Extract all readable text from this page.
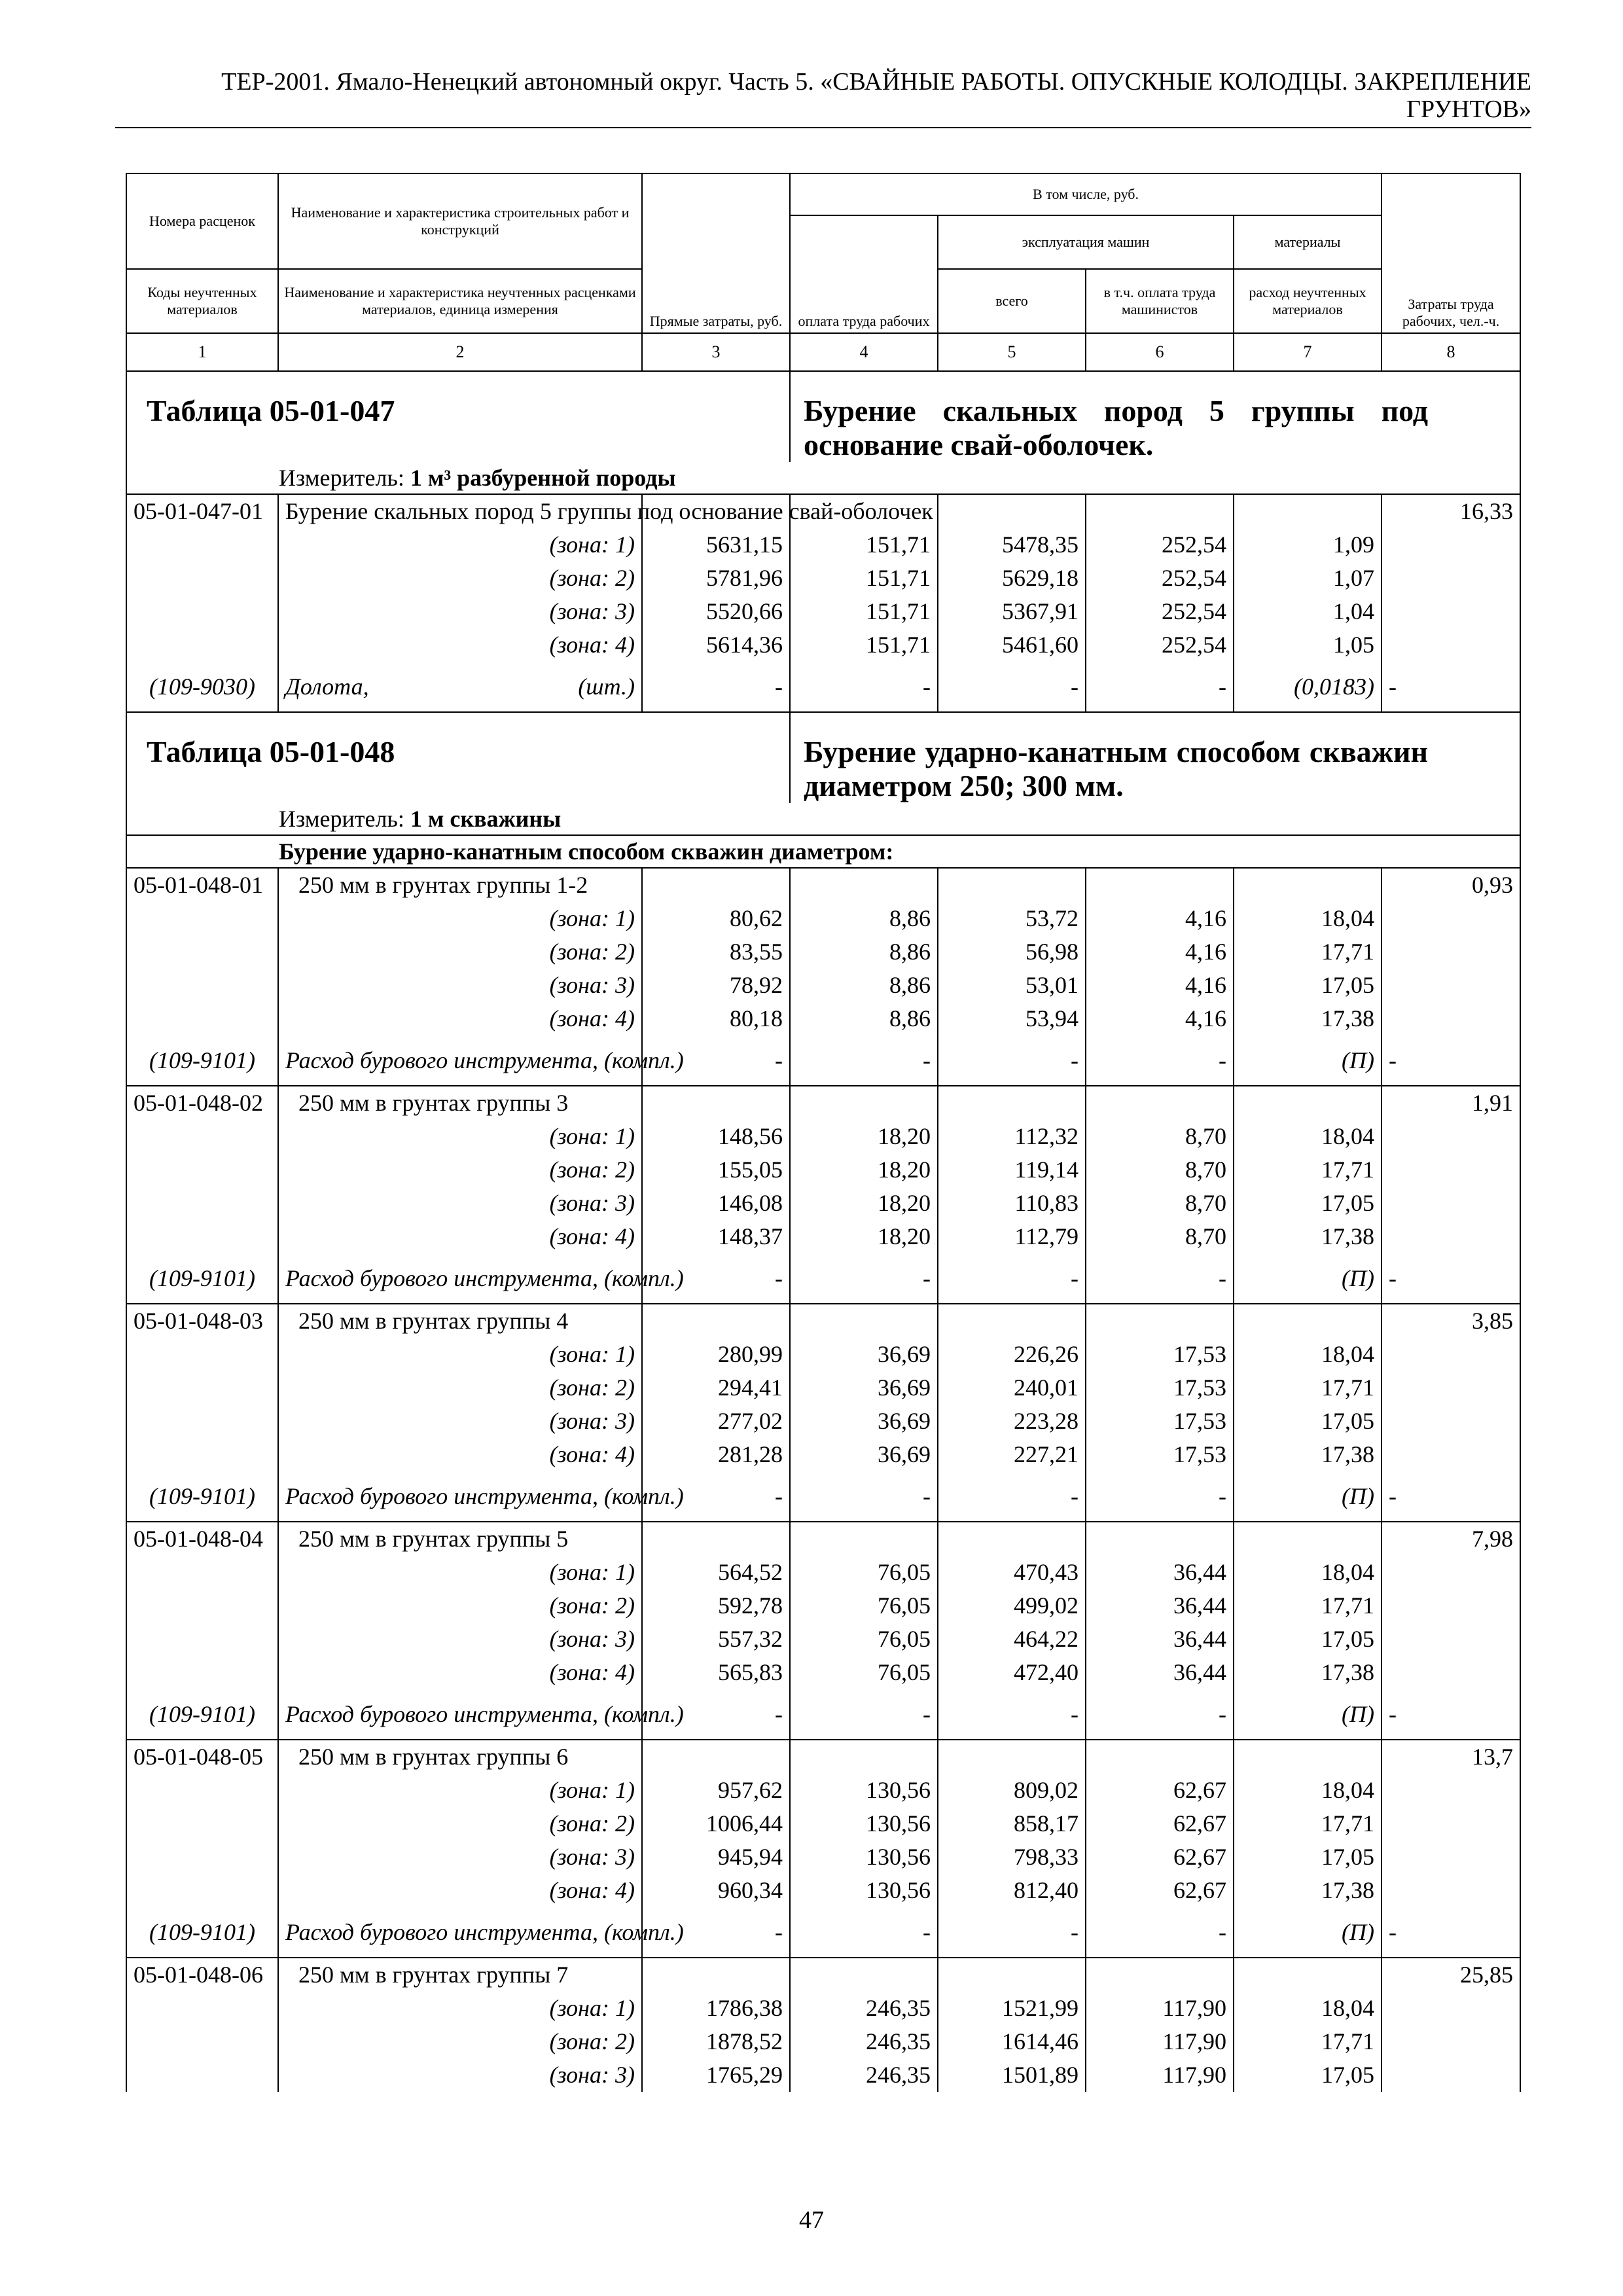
ТЕР-2001. Ямало-Ненецкий автономный округ. Часть 5. «СВАЙНЫЕ РАБОТЫ. ОПУСКНЫЕ КОЛОДЦЫ. ЗАКРЕПЛЕНИЕ
ГРУНТОВ»
Номера расценок	Наименование и характеристика строительных работ и конструкций	Прямые затраты, руб.	В том числе, руб.				Затраты труда рабочих, чел.-ч.
			оплата труда рабочих	эксплуатация машин		материалы	
Коды неучтенных материалов	Наименование и характеристика неучтенных расценками материалов, единица измерения			всего	в т.ч. оплата труда машинистов	расход неучтенных материалов	
1	2	3	4	5	6	7	8
Таблица 05-01-047			Бурение скальных пород 5 группы под основание свай-оболочек.				
Измеритель: 1 м³ разбуренной породы							
05-01-047-01	Бурение скальных пород 5 группы под основание свай-оболочек						16,33
	(зона: 1)	5631,15	151,71	5478,35	252,54	1,09	
	(зона: 2)	5781,96	151,71	5629,18	252,54	1,07	
	(зона: 3)	5520,66	151,71	5367,91	252,54	1,04	
	(зона: 4)	5614,36	151,71	5461,60	252,54	1,05	
(109-9030)	Долота, (шт.)	-	-	-	-	(0,0183)	-
Таблица 05-01-048			Бурение ударно-канатным способом скважин диаметром 250; 300 мм.				
Измеритель: 1 м скважины							
Бурение ударно-канатным способом скважин диаметром:							
05-01-048-01	250 мм в грунтах группы 1-2						0,93
	(зона: 1)	80,62	8,86	53,72	4,16	18,04	
	(зона: 2)	83,55	8,86	56,98	4,16	17,71	
	(зона: 3)	78,92	8,86	53,01	4,16	17,05	
	(зона: 4)	80,18	8,86	53,94	4,16	17,38	
(109-9101)	Расход бурового инструмента, (компл.)	-	-	-	-	(П)	-
05-01-048-02	250 мм в грунтах группы 3						1,91
	(зона: 1)	148,56	18,20	112,32	8,70	18,04	
	(зона: 2)	155,05	18,20	119,14	8,70	17,71	
	(зона: 3)	146,08	18,20	110,83	8,70	17,05	
	(зона: 4)	148,37	18,20	112,79	8,70	17,38	
(109-9101)	Расход бурового инструмента, (компл.)	-	-	-	-	(П)	-
05-01-048-03	250 мм в грунтах группы 4						3,85
	(зона: 1)	280,99	36,69	226,26	17,53	18,04	
	(зона: 2)	294,41	36,69	240,01	17,53	17,71	
	(зона: 3)	277,02	36,69	223,28	17,53	17,05	
	(зона: 4)	281,28	36,69	227,21	17,53	17,38	
(109-9101)	Расход бурового инструмента, (компл.)	-	-	-	-	(П)	-
05-01-048-04	250 мм в грунтах группы 5						7,98
	(зона: 1)	564,52	76,05	470,43	36,44	18,04	
	(зона: 2)	592,78	76,05	499,02	36,44	17,71	
	(зона: 3)	557,32	76,05	464,22	36,44	17,05	
	(зона: 4)	565,83	76,05	472,40	36,44	17,38	
(109-9101)	Расход бурового инструмента, (компл.)	-	-	-	-	(П)	-
05-01-048-05	250 мм в грунтах группы 6						13,7
	(зона: 1)	957,62	130,56	809,02	62,67	18,04	
	(зона: 2)	1006,44	130,56	858,17	62,67	17,71	
	(зона: 3)	945,94	130,56	798,33	62,67	17,05	
	(зона: 4)	960,34	130,56	812,40	62,67	17,38	
(109-9101)	Расход бурового инструмента, (компл.)	-	-	-	-	(П)	-
05-01-048-06	250 мм в грунтах группы 7						25,85
	(зона: 1)	1786,38	246,35	1521,99	117,90	18,04	
	(зона: 2)	1878,52	246,35	1614,46	117,90	17,71	
	(зона: 3)	1765,29	246,35	1501,89	117,90	17,05	
47
